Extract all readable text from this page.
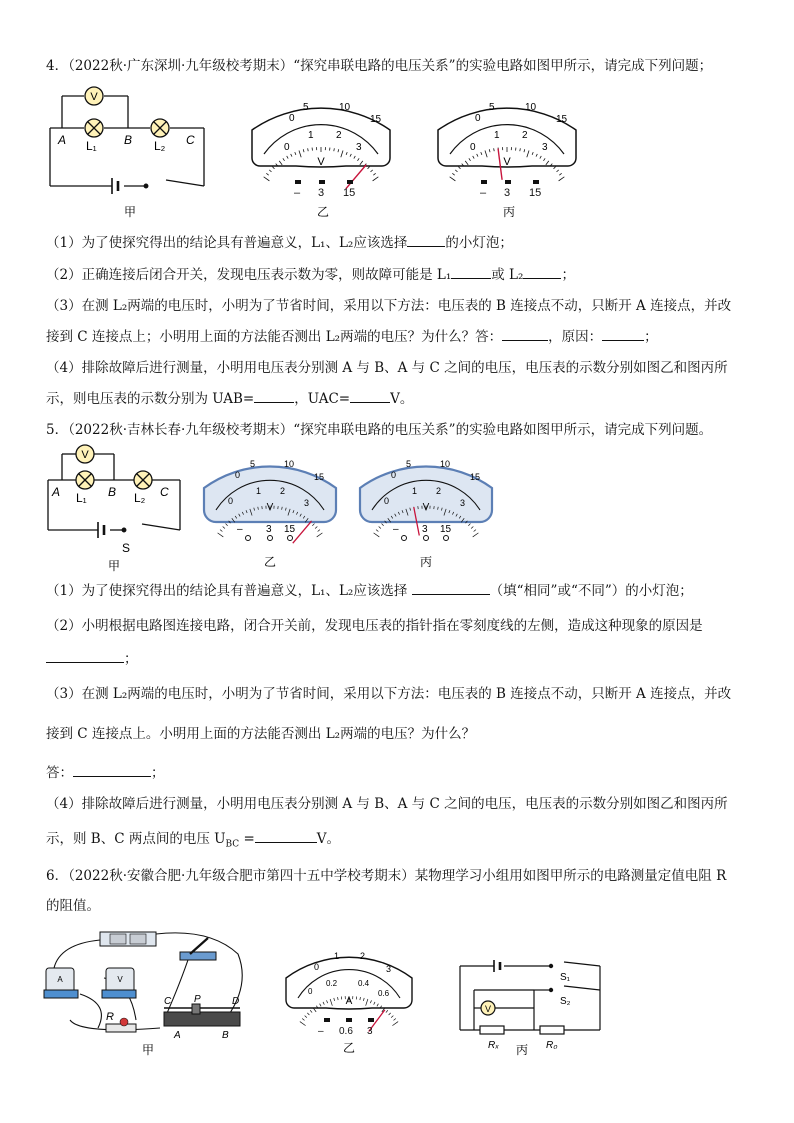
4．（2022秋·广东深圳·九年级校考期末）“探究串联电路的电压关系”的实验电路如图甲所示，请完成下列问题；
V
A	B	C
L₁	L₂
甲
0
5	10
15
0
1 2
3
V
– 3 15
乙
0
5	10
15
0
1 2
3
V
– 3 15
丙
（1）为了使探究得出的结论具有普遍意义，L₁、L₂应该选择	的小灯泡；
（2）正确连接后闭合开关，发现电压表示数为零，则故障可能是 L₁	或 L₂	；
（3）在测 L₂两端的电压时，小明为了节省时间，采用以下方法：电压表的 B 连接点不动，只断开 A 连接点，并改
接到 C 连接点上；小明用上面的方法能否测出 L₂两端的电压？为什么？答：	，原因：	；
（4）排除故障后进行测量，小明用电压表分别测 A 与 B、A 与 C 之间的电压，电压表的示数分别如图乙和图丙所
示，则电压表的示数分别为 UAB=	，UAC=	V。
5．（2022秋·吉林长春·九年级校考期末）“探究串联电路的电压关系”的实验电路如图甲所示，请完成下列问题。
V
A	B	C
L₁	L₂
S
甲
0
5	10
15
0
1 2
3
V
– 3 15
乙
0
5	10
15
0
1 2
3
V
– 3 15
丙
（1）为了使探究得出的结论具有普遍意义，L₁、L₂应该选择	（填“相同”或“不同”）的小灯泡；
（2）小明根据电路图连接电路，闭合开关前，发现电压表的指针指在零刻度线的左侧，造成这种现象的原因是
；
（3）在测 L₂两端的电压时，小明为了节省时间，采用以下方法：电压表的 B 连接点不动，只断开 A 连接点，并改
接到 C 连接点上。小明用上面的方法能否测出 L₂两端的电压？为什么？
答：	；
（4）排除故障后进行测量，小明用电压表分别测 A 与 B、A 与 C 之间的电压，电压表的示数分别如图乙和图丙所
示，则 B、C 两点间的电压 $U_{BC}$ =	V。
6．（2022秋·安徽合肥·九年级合肥市第四十五中学校考期末）某物理学习小组用如图甲所示的电路测量定值电阻 R
的阻值。
A	V
R
C P	D
A	B
甲
0
1 2
3
0
0.2	0.4
0.6
A
– 0.6 3
乙
V
S₁
S₂
Rₓ	R₀
丙
